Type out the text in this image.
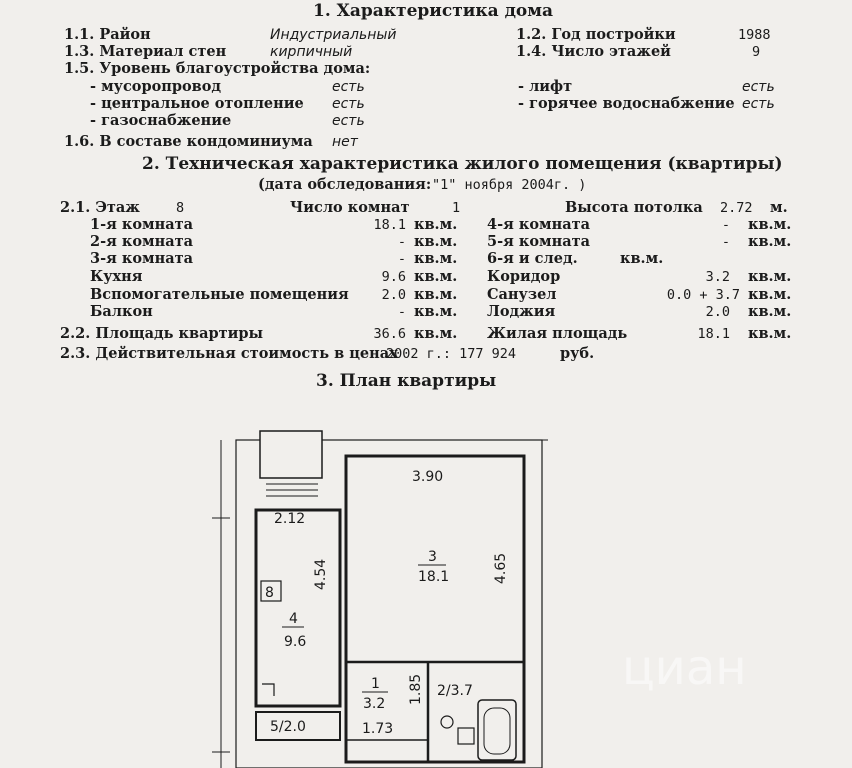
1. Характеристика дома
1.1. Район	Индустриальный	1.2. Год постройки	1988
1.3. Материал стен	кирпичный	1.4. Число этажей	9
1.5. Уровень благоустройства дома:
- мусоропровод	есть
- центральное отопление есть
- газоснабжение	есть
- лифт	есть
- горячее водоснабжение есть
1.6. В составе кондоминиума нет
2. Техническая характеристика жилого помещения (квартиры)
(дата обследования: "1" ноября 2004г. )
2.1. Этаж	8	Число комнат	1	Высота потолка 2.72 м.
1-я комната	18.1 кв.м.
2-я комната	- кв.м.
3-я комната	- кв.м.
Кухня	9.6 кв.м.
Вспомогательные помещения	2.0 кв.м.
Балкон	- кв.м.
4-я комната	- кв.м.
5-я комната	- кв.м.
6-я и след.	кв.м.
Коридор	3.2 кв.м.
Санузел	0.0 + 3.7 кв.м.
Лоджия	2.0 кв.м.
2.2. Площадь квартиры	36.6 кв.м. Жилая площадь	18.1 кв.м.
2.3. Действительная стоимость в ценах
2002 г.: 177 924	руб.
3. План квартиры
3.90
2.12
4.54	4.65
1.85
1.73
3
18.1
4
9.6
1
3.2
2/3.7
5/2.0
8
циан
